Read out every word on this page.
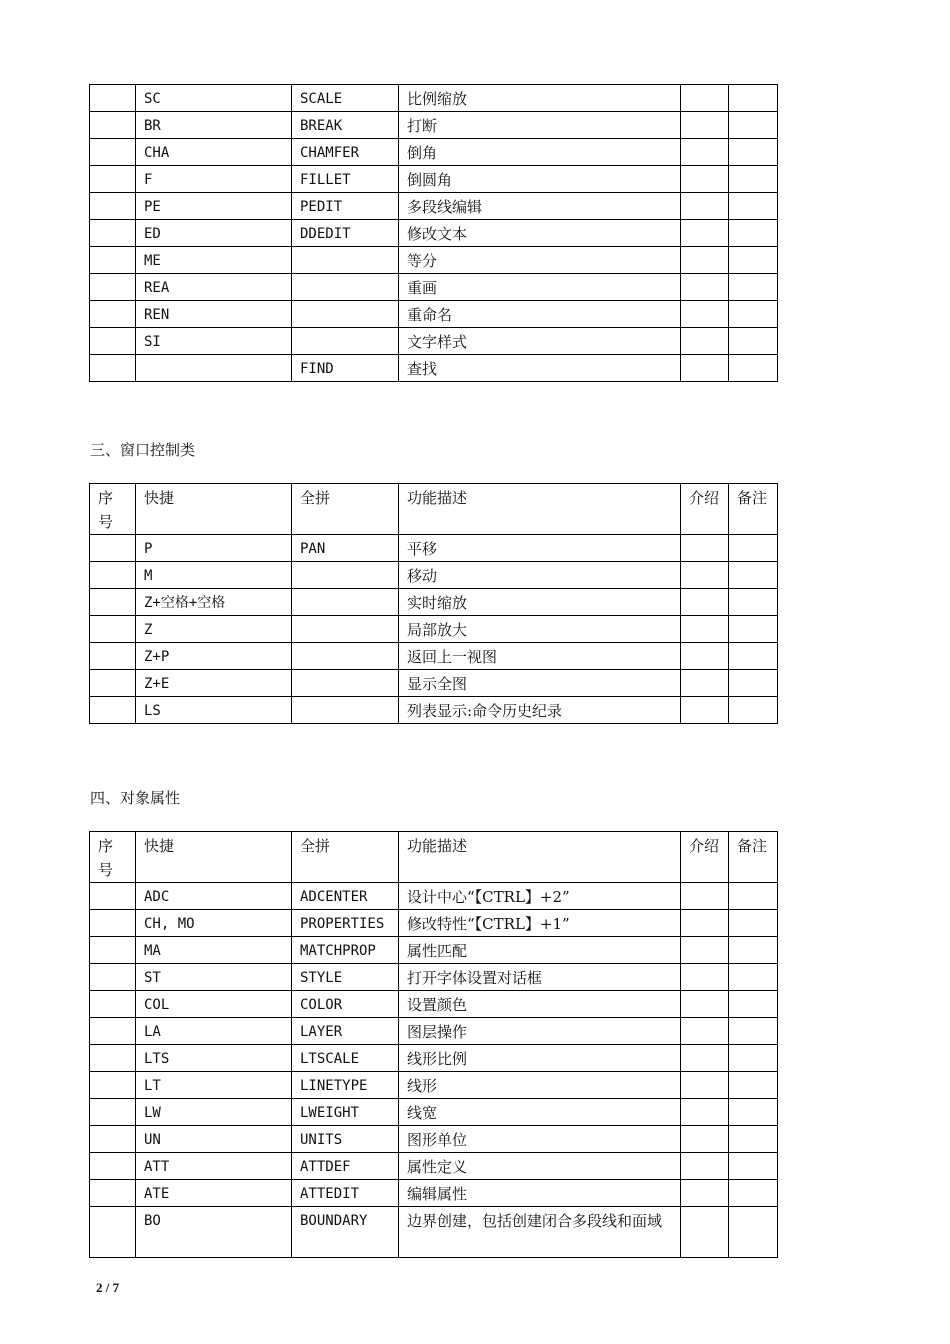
	SC	SCALE	比例缩放		
	BR	BREAK	打断		
	CHA	CHAMFER	倒角		
	F	FILLET	倒圆角		
	PE	PEDIT	多段线编辑		
	ED	DDEDIT	修改文本		
	ME		等分		
	REA		重画		
	REN		重命名		
	SI		文字样式		
		FIND	查找		
三、窗口控制类
序号	快捷	全拼	功能描述	介绍	备注
	P	PAN	平移		
	M		移动		
	Z+空格+空格		实时缩放		
	Z		局部放大		
	Z+P		返回上一视图		
	Z+E		显示全图		
	LS		列表显示:命令历史纪录		
四、对象属性
序号	快捷	全拼	功能描述	介绍	备注
	ADC	ADCENTER	设计中心“【CTRL】+2”		
	CH, MO	PROPERTIES	修改特性“【CTRL】+1”		
	MA	MATCHPROP	属性匹配		
	ST	STYLE	打开字体设置对话框		
	COL	COLOR	设置颜色		
	LA	LAYER	图层操作		
	LTS	LTSCALE	线形比例		
	LT	LINETYPE	线形		
	LW	LWEIGHT	线宽		
	UN	UNITS	图形单位		
	ATT	ATTDEF	属性定义		
	ATE	ATTEDIT	编辑属性		
	BO	BOUNDARY	边界创建，包括创建闭合多段线和面域		
2 / 7
